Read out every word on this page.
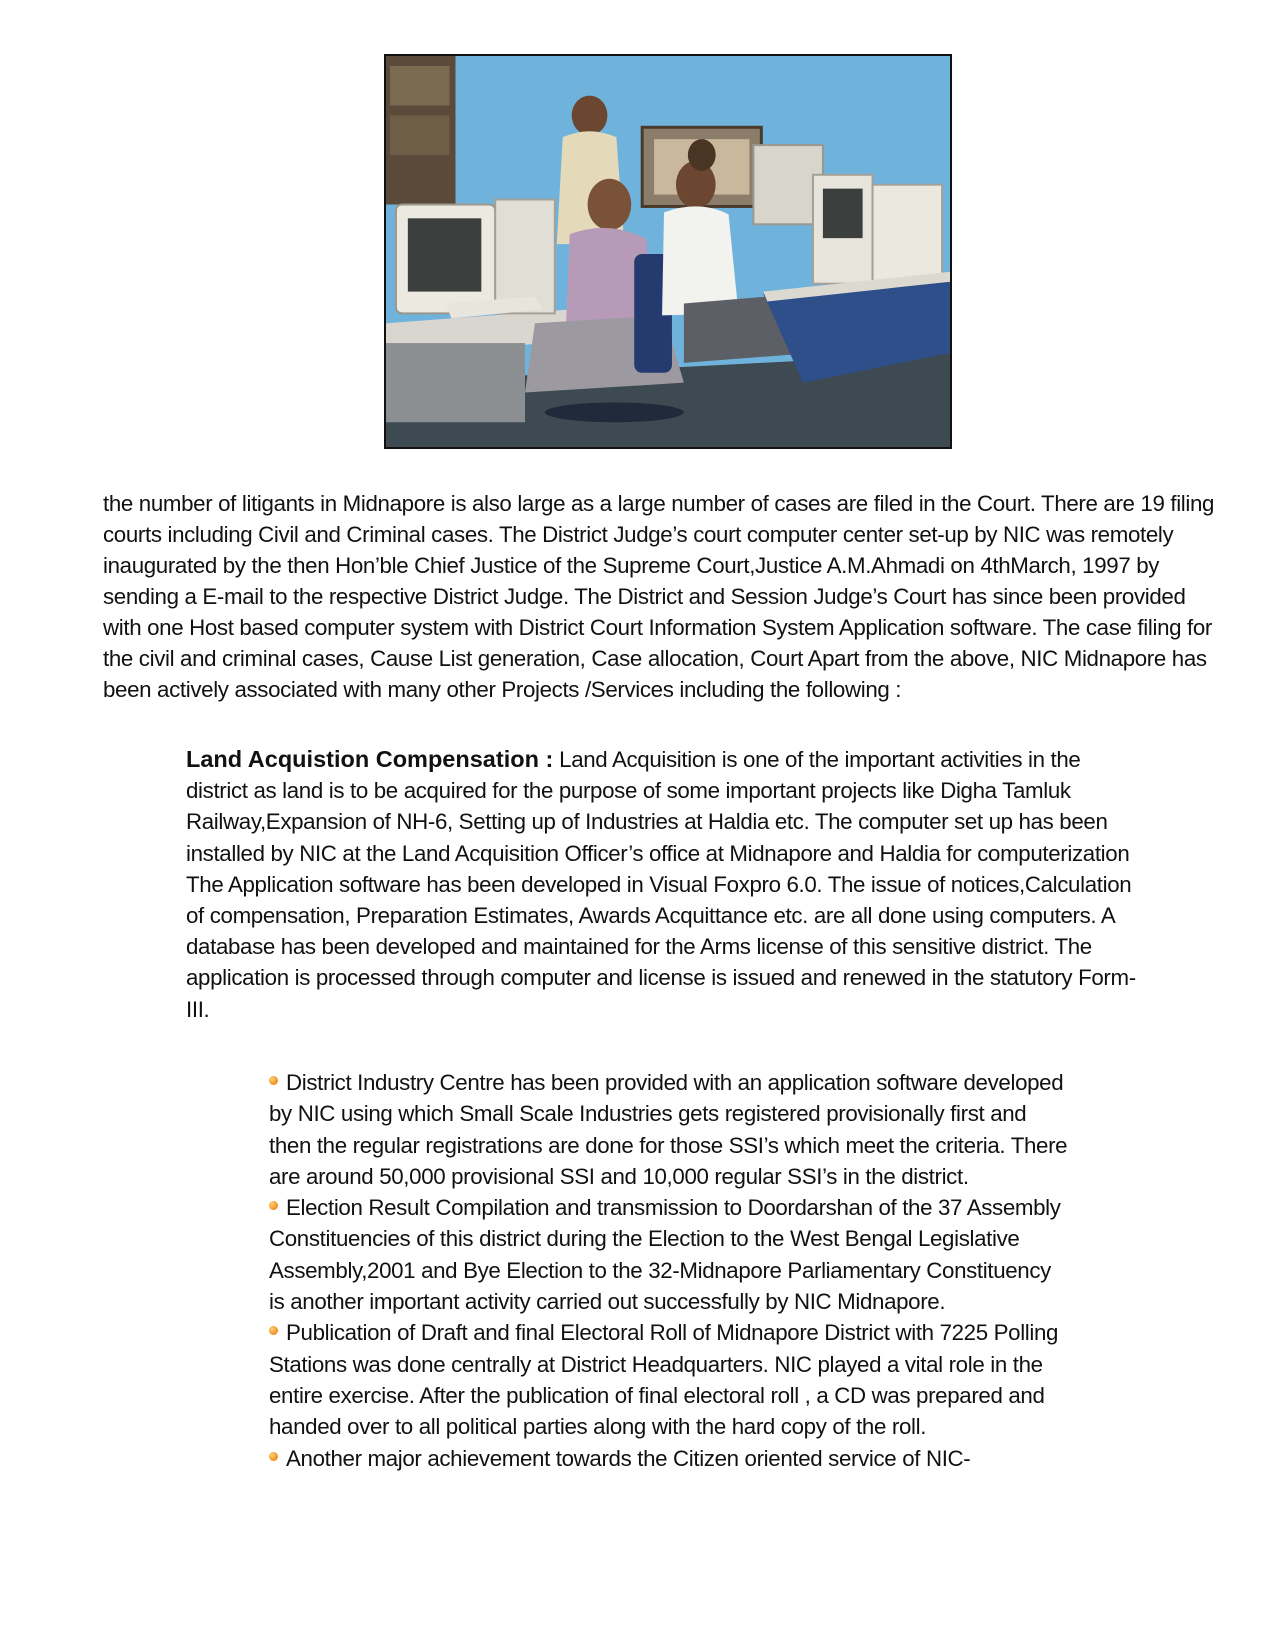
the number of litigants in Midnapore is also large as a large number of cases are filed in the Court. There are 19 filing courts including Civil and Criminal cases. The District Judge’s court computer center set-up by NIC was remotely inaugurated by the then Hon’ble Chief Justice of the Supreme Court,Justice A.M.Ahmadi on 4thMarch, 1997 by sending a E-mail to the respective District Judge. The District and Session Judge’s Court has since been provided with one Host based computer system with District Court Information System Application software. The case filing for the civil and criminal cases, Cause List generation, Case allocation, Court Apart from the above, NIC Midnapore has been actively associated with many other Projects /Services including the following :

Land Acquistion Compensation : Land Acquisition is one of the important activities in the district as land is to be acquired for the purpose of some important projects like Digha Tamluk Railway,Expansion of NH-6, Setting up of Industries at Haldia etc. The computer set up has been installed by NIC at the Land Acquisition Officer’s office at Midnapore and Haldia for computerization The Application software has been developed in Visual Foxpro 6.0. The issue of notices,Calculation of compensation, Preparation Estimates, Awards Acquittance etc. are all done using computers. A database has been developed and maintained for the Arms license of this sensitive district. The application is processed through computer and license is issued and renewed in the statutory Form-III.

District Industry Centre has been provided with an application software developed by NIC using which Small Scale Industries gets registered provisionally first and then the regular registrations are done for those SSI’s which meet the criteria. There are around 50,000 provisional SSI and 10,000 regular SSI’s in the district.
Election Result Compilation and transmission to Doordarshan of the 37 Assembly Constituencies of this district during the Election to the West Bengal Legislative Assembly,2001 and Bye Election to the 32-Midnapore Parliamentary Constituency is another important activity carried out successfully by NIC Midnapore.
Publication of Draft and final Electoral Roll of Midnapore District with 7225 Polling Stations was done centrally at District Headquarters. NIC played a vital role in the entire exercise. After the publication of final electoral roll , a CD was prepared and handed over to all political parties along with the hard copy of the roll.
Another major achievement towards the Citizen oriented service of NIC-
